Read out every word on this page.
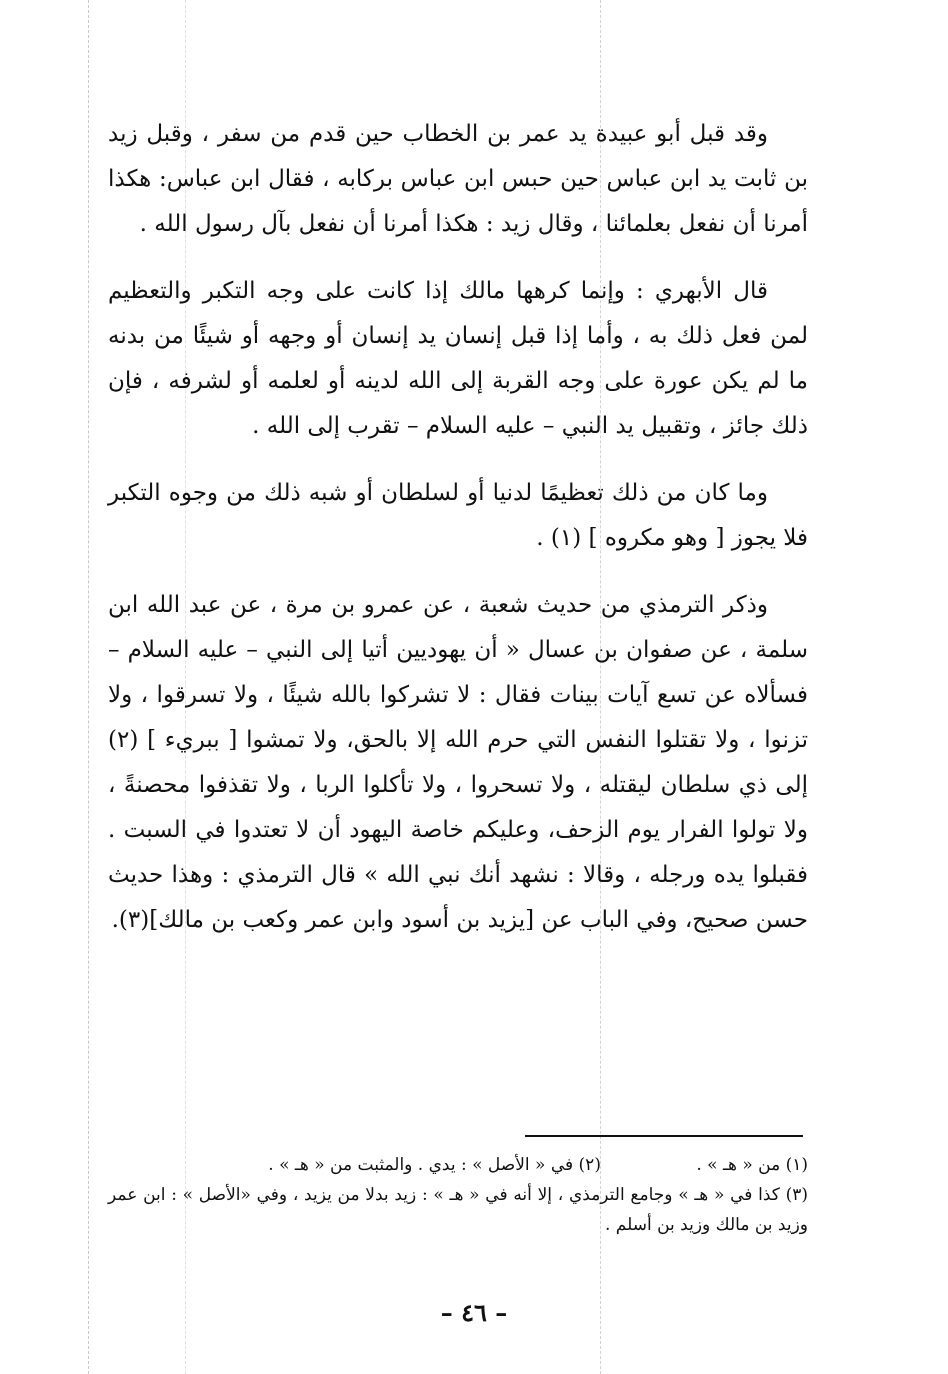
وقد قبل أبو عبيدة يد عمر بن الخطاب حين قدم من سفر ، وقبل زيد بن ثابت يد ابن عباس حين حبس ابن عباس بركابه ، فقال ابن عباس: هكذا أمرنا أن نفعل بعلمائنا ، وقال زيد : هكذا أمرنا أن نفعل بآل رسول الله .

قال الأبهري : وإنما كرهها مالك إذا كانت على وجه التكبر والتعظيم لمن فعل ذلك به ، وأما إذا قبل إنسان يد إنسان أو وجهه أو شيئًا من بدنه ما لم يكن عورة على وجه القربة إلى الله لدينه أو لعلمه أو لشرفه ، فإن ذلك جائز ، وتقبيل يد النبي – عليه السلام – تقرب إلى الله .

وما كان من ذلك تعظيمًا لدنيا أو لسلطان أو شبه ذلك من وجوه التكبر فلا يجوز [ وهو مكروه ] (١) .

وذكر الترمذي من حديث شعبة ، عن عمرو بن مرة ، عن عبد الله ابن سلمة ، عن صفوان بن عسال « أن يهوديين أتيا إلى النبي – عليه السلام – فسألاه عن تسع آيات بينات فقال : لا تشركوا بالله شيئًا ، ولا تسرقوا ، ولا تزنوا ، ولا تقتلوا النفس التي حرم الله إلا بالحق، ولا تمشوا [ ببريء ] (٢) إلى ذي سلطان ليقتله ، ولا تسحروا ، ولا تأكلوا الربا ، ولا تقذفوا محصنةً ، ولا تولوا الفرار يوم الزحف، وعليكم خاصة اليهود أن لا تعتدوا في السبت . فقبلوا يده ورجله ، وقالا : نشهد أنك نبي الله » قال الترمذي : وهذا حديث حسن صحيح، وفي الباب عن [يزيد بن أسود وابن عمر وكعب بن مالك](٣).

(١) من « هـ » . (٢) في « الأصل » : يدي . والمثبت من « هـ » .

(٣) كذا في « هـ » وجامع الترمذي ، إلا أنه في « هـ » : زيد بدلا من يزيد ، وفي «الأصل » : ابن عمر وزيد بن مالك وزيد بن أسلم .

– ٤٦ –
